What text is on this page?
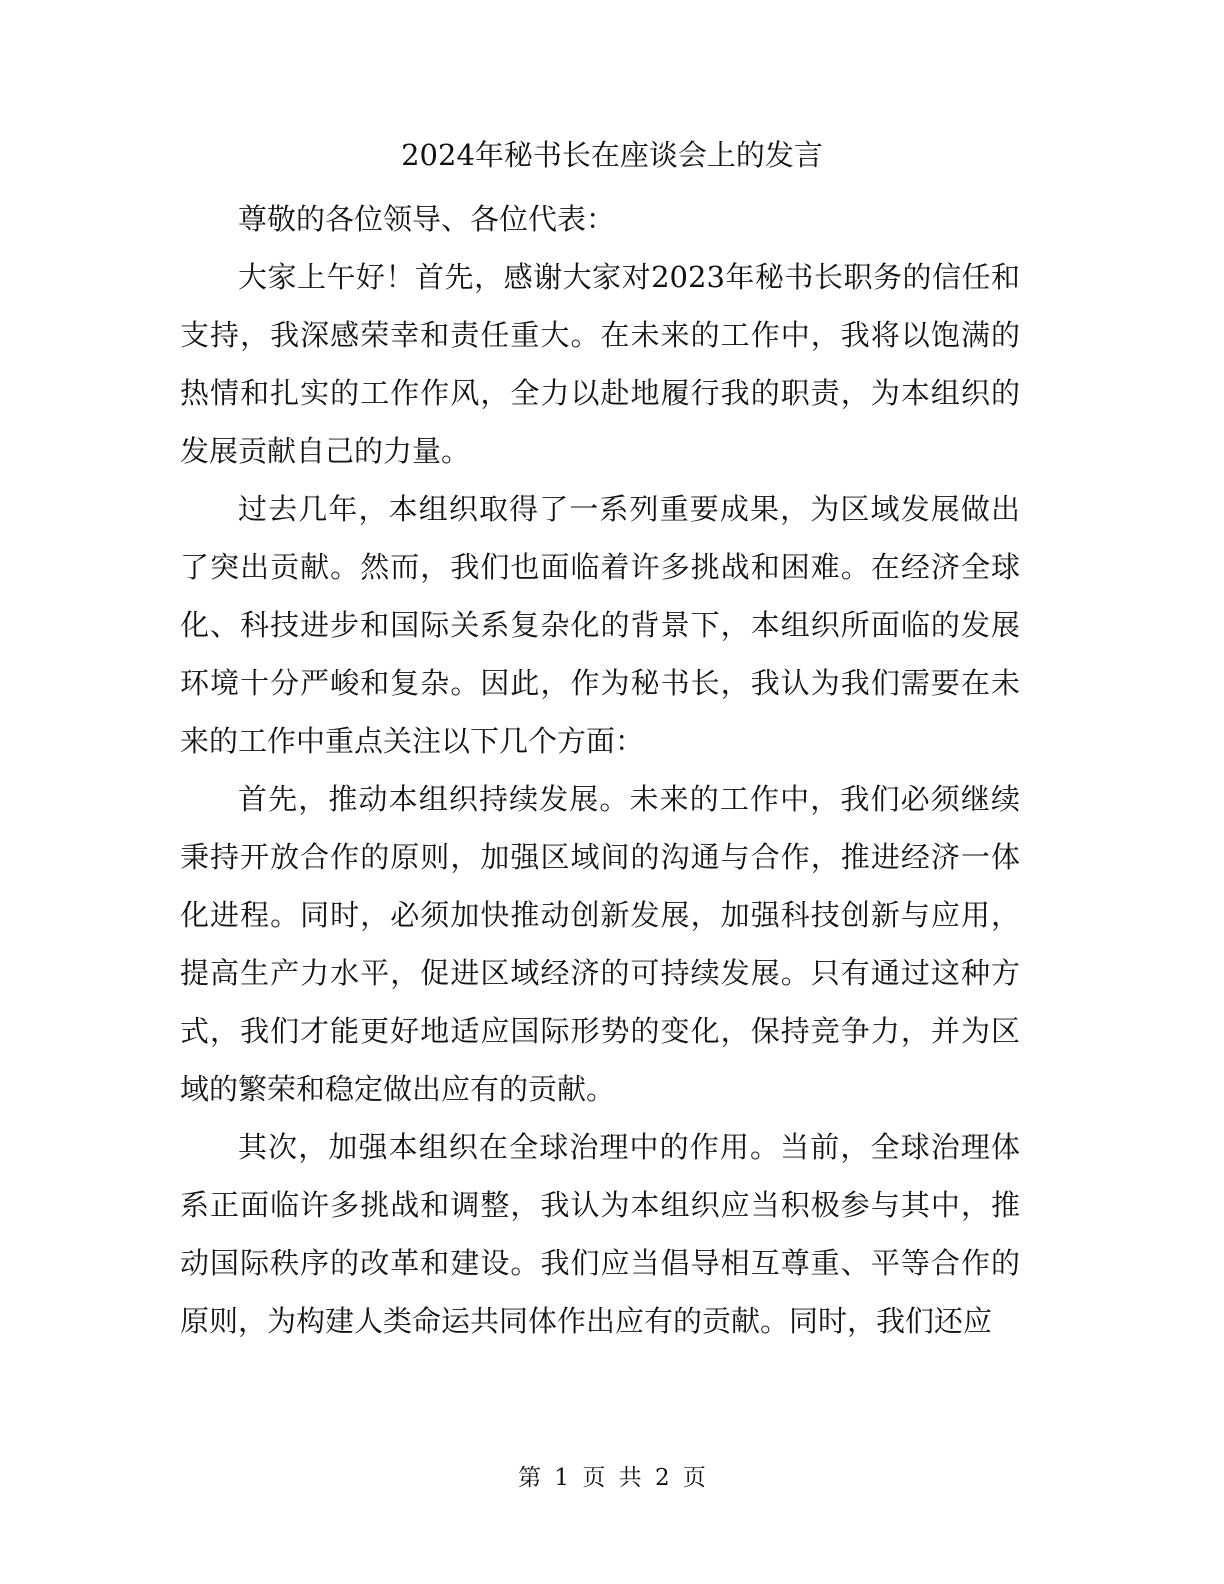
2024年秘书长在座谈会上的发言

尊敬的各位领导、各位代表：

大家上午好！首先，感谢大家对2023年秘书长职务的信任和支持，我深感荣幸和责任重大。在未来的工作中，我将以饱满的热情和扎实的工作作风，全力以赴地履行我的职责，为本组织的发展贡献自己的力量。

过去几年，本组织取得了一系列重要成果，为区域发展做出了突出贡献。然而，我们也面临着许多挑战和困难。在经济全球化、科技进步和国际关系复杂化的背景下，本组织所面临的发展环境十分严峻和复杂。因此，作为秘书长，我认为我们需要在未来的工作中重点关注以下几个方面：

首先，推动本组织持续发展。未来的工作中，我们必须继续秉持开放合作的原则，加强区域间的沟通与合作，推进经济一体化进程。同时，必须加快推动创新发展，加强科技创新与应用，提高生产力水平，促进区域经济的可持续发展。只有通过这种方式，我们才能更好地适应国际形势的变化，保持竞争力，并为区域的繁荣和稳定做出应有的贡献。

其次，加强本组织在全球治理中的作用。当前，全球治理体系正面临许多挑战和调整，我认为本组织应当积极参与其中，推动国际秩序的改革和建设。我们应当倡导相互尊重、平等合作的原则，为构建人类命运共同体作出应有的贡献。同时，我们还应

第 1 页 共 2 页
